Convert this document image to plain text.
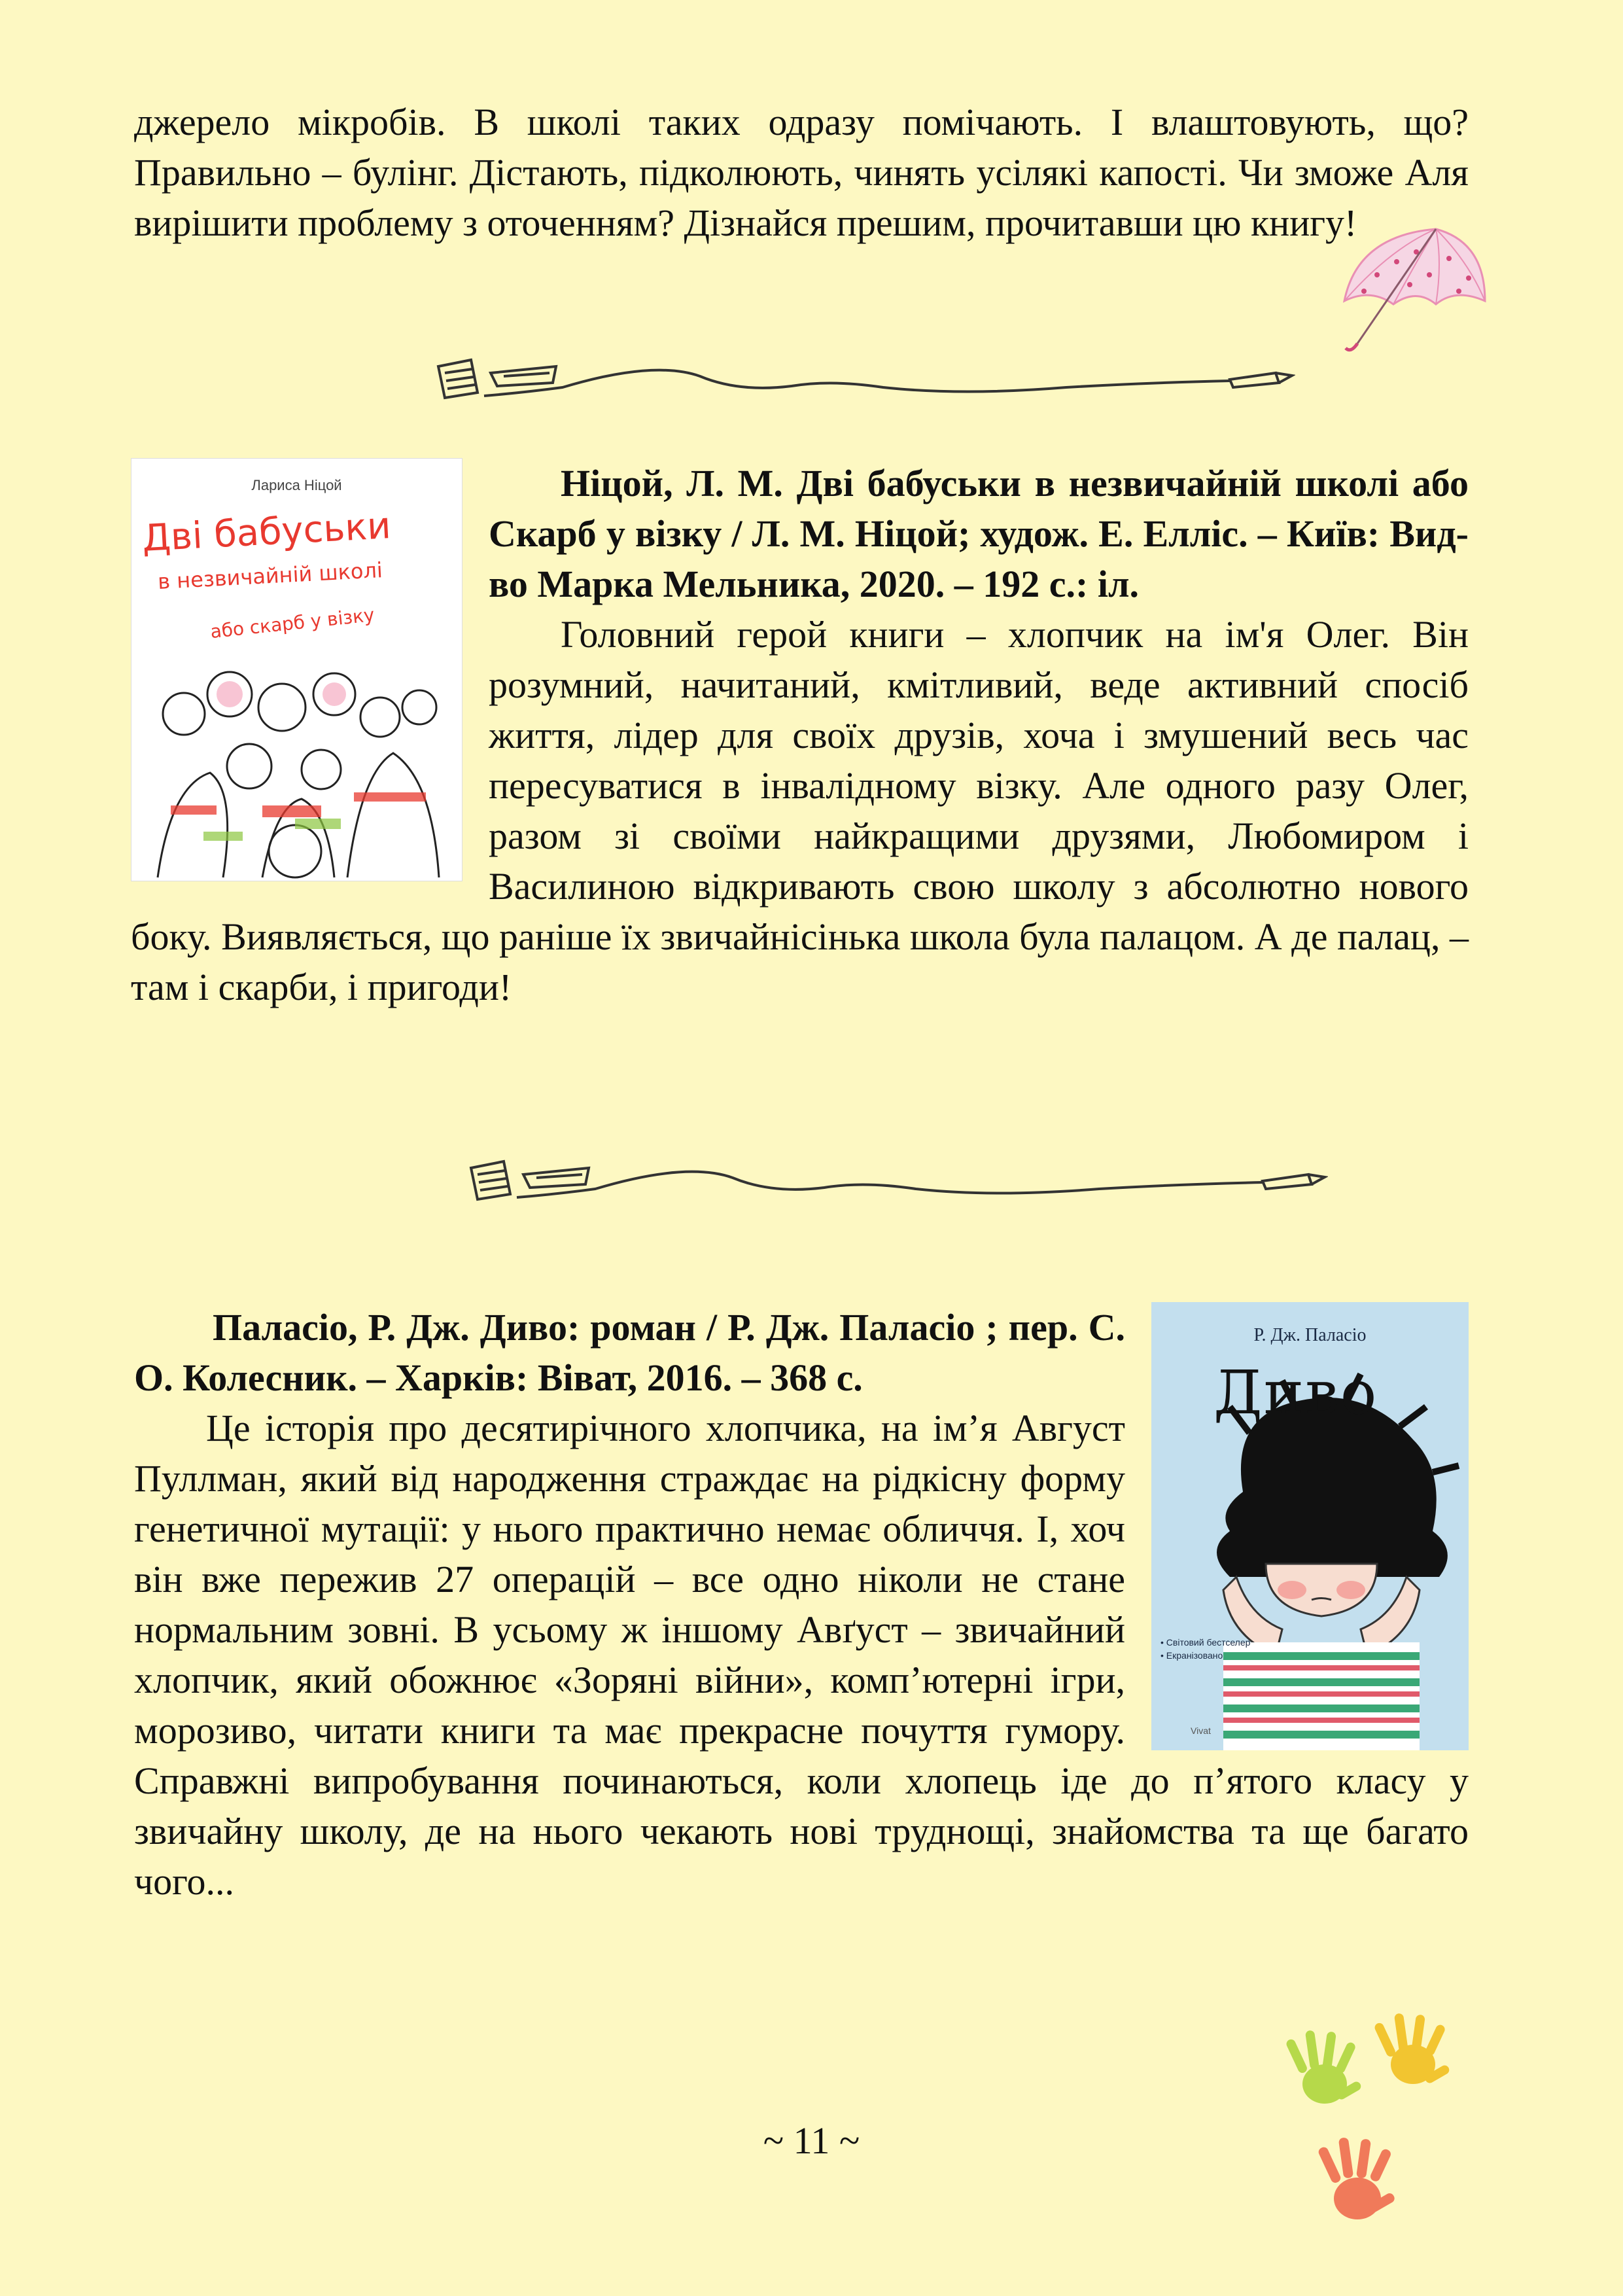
джерело мікробів. В школі таких одразу помічають. І влаштовують, що? Правильно – булінг. Дістають, підколюють, чинять усілякі капості. Чи зможе Аля вирішити проблему з оточенням? Дізнайся прешим, прочитавши цю книгу!

Лариса Ніцой
Дві бабуськи
в незвичайній школі
або скарб у візку

Ніцой, Л. М. Дві бабуськи в незвичайній школі або Скарб у візку / Л. М. Ніцой; худож. Е. Елліс. – Київ: Вид-во Марка Мельника, 2020. – 192 с.: іл.

Головний герой книги – хлопчик на ім'я Олег. Він розумний, начитаний, кмітливий, веде активний спосіб життя, лідер для своїх друзів, хоча і змушений весь час пересуватися в інвалідному візку. Але одного разу Олег, разом зі своїми найкращими друзями, Любомиром і Василиною відкривають свою школу з абсолютно нового боку. Виявляється, що раніше їх звичайнісінька школа була палацом. А де палац, – там і скарби, і пригоди!

Р. Дж. Паласіо
Диво
• Світовий бестселер
• Екранізовано
Vivat

Паласіо, Р. Дж. Диво: роман / Р. Дж. Паласіо ; пер. С. О. Колесник. – Харків: Віват, 2016. – 368 с.

Це історія про десятирічного хлопчика, на ім’я Август Пуллман, який від народження страждає на рідкісну форму генетичної мутації: у нього практично немає обличчя. І, хоч він вже пережив 27 операцій – все одно ніколи не стане нормальним зовні. В усьому ж іншому Авґуст – звичайний хлопчик, який обожнює «Зоряні війни», комп’ютерні ігри, морозиво, читати книги та має прекрасне почуття гумору. Справжні випробування починаються, коли хлопець іде до п’ятого класу у звичайну школу, де на нього чекають нові труднощі, знайомства та ще багато чого...

~ 11 ~
